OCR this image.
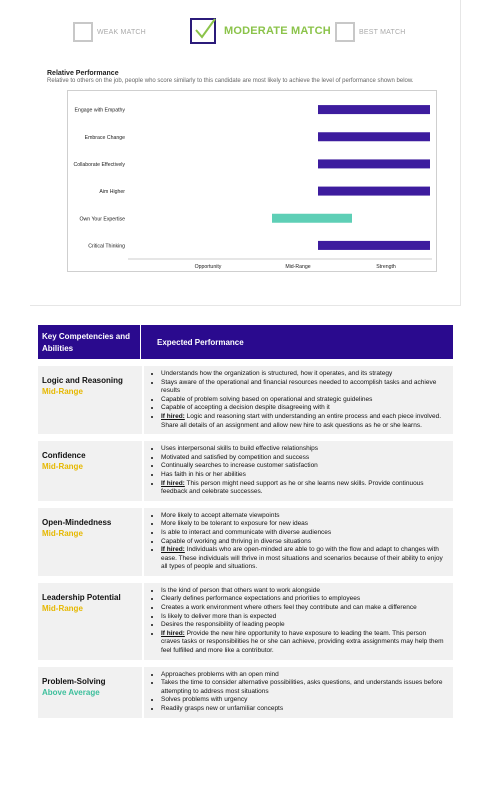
WEAK MATCH	MODERATE MATCH	BEST MATCH
Relative Performance
Relative to others on the job, people who score similarly to this candidate are most likely to achieve the level of performance shown below.
Engage with Empathy
Embrace Change
Collaborate Effectively
Aim Higher
Own Your Expertise
Critical Thinking
Opportunity	Mid-Range	Strength
Key Competencies and Abilities
Expected Performance
Logic and Reasoning
Mid-Range
• Understands how the organization is structured, how it operates, and its strategy
• Stays aware of the operational and financial resources needed to accomplish tasks and achieve results
• Capable of problem solving based on operational and strategic guidelines
• Capable of accepting a decision despite disagreeing with it
• If hired: Logic and reasoning start with understanding an entire process and each piece involved. Share all details of an assignment and allow new hire to ask questions as he or she learns.
Confidence
Mid-Range
• Uses interpersonal skills to build effective relationships
• Motivated and satisfied by competition and success
• Continually searches to increase customer satisfaction
• Has faith in his or her abilities
• If hired: This person might need support as he or she learns new skills. Provide continuous feedback and celebrate successes.
Open-Mindedness
Mid-Range
• More likely to accept alternate viewpoints
• More likely to be tolerant to exposure for new ideas
• Is able to interact and communicate with diverse audiences
• Capable of working and thriving in diverse situations
• If hired: Individuals who are open-minded are able to go with the flow and adapt to changes with ease. These individuals will thrive in most situations and scenarios because of their ability to enjoy all types of people and situations.
Leadership Potential
Mid-Range
• Is the kind of person that others want to work alongside
• Clearly defines performance expectations and priorities to employees
• Creates a work environment where others feel they contribute and can make a difference
• Is likely to deliver more than is expected
• Desires the responsibility of leading people
• If hired: Provide the new hire opportunity to have exposure to leading the team. This person craves tasks or responsibilities he or she can achieve, providing extra assignments may help them feel fulfilled and more like a contributor.
Problem-Solving
Above Average
• Approaches problems with an open mind
• Takes the time to consider alternative possibilities, asks questions, and understands issues before attempting to address most situations
• Solves problems with urgency
• Readily grasps new or unfamiliar concepts
